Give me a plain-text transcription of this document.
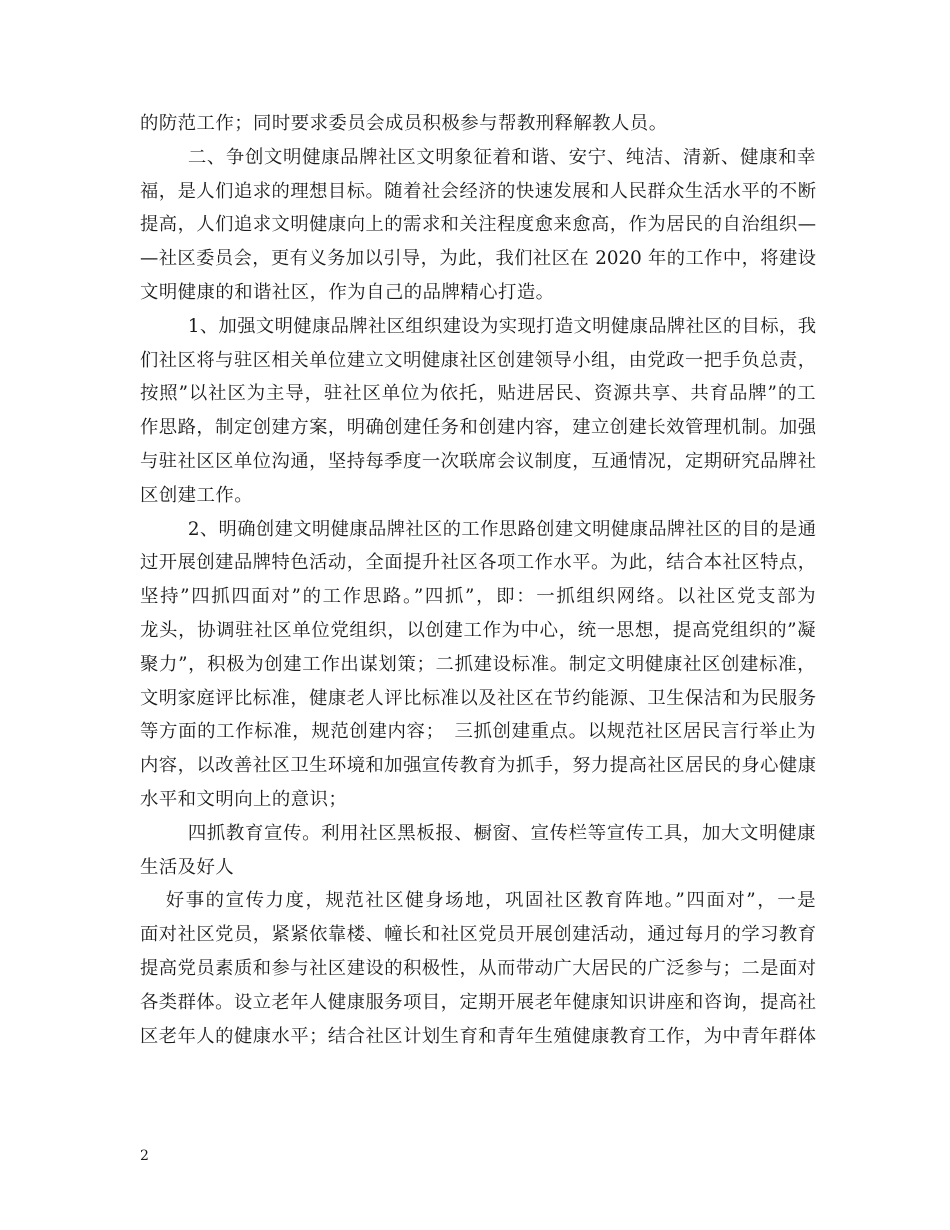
的防范工作；同时要求委员会成员积极参与帮教刑释解教人员。
二、争创文明健康品牌社区文明象征着和谐、安宁、纯洁、清新、健康和幸
福，是人们追求的理想目标。随着社会经济的快速发展和人民群众生活水平的不断
提高，人们追求文明健康向上的需求和关注程度愈来愈高，作为居民的自治组织—
—社区委员会，更有义务加以引导，为此，我们社区在 2020 年的工作中，将建设
文明健康的和谐社区，作为自己的品牌精心打造。
1、加强文明健康品牌社区组织建设为实现打造文明健康品牌社区的目标，我
们社区将与驻区相关单位建立文明健康社区创建领导小组，由党政一把手负总责，
按照”以社区为主导，驻社区单位为依托，贴进居民、资源共享、共育品牌”的工
作思路，制定创建方案，明确创建任务和创建内容，建立创建长效管理机制。加强
与驻社区区单位沟通，坚持每季度一次联席会议制度，互通情况，定期研究品牌社
区创建工作。
2、明确创建文明健康品牌社区的工作思路创建文明健康品牌社区的目的是通
过开展创建品牌特色活动，全面提升社区各项工作水平。为此，结合本社区特点，
坚持”四抓四面对”的工作思路。”四抓”，即：一抓组织网络。以社区党支部为
龙头，协调驻社区单位党组织，以创建工作为中心，统一思想，提高党组织的”凝
聚力”，积极为创建工作出谋划策；二抓建设标准。制定文明健康社区创建标准，
文明家庭评比标准，健康老人评比标准以及社区在节约能源、卫生保洁和为民服务
等方面的工作标准，规范创建内容；　三抓创建重点。以规范社区居民言行举止为
内容，以改善社区卫生环境和加强宣传教育为抓手，努力提高社区居民的身心健康
水平和文明向上的意识；
四抓教育宣传。利用社区黑板报、橱窗、宣传栏等宣传工具，加大文明健康
生活及好人
好事的宣传力度，规范社区健身场地，巩固社区教育阵地。”四面对”，一是
面对社区党员，紧紧依靠楼、幢长和社区党员开展创建活动，通过每月的学习教育
提高党员素质和参与社区建设的积极性，从而带动广大居民的广泛参与；二是面对
各类群体。设立老年人健康服务项目，定期开展老年健康知识讲座和咨询，提高社
区老年人的健康水平；结合社区计划生育和青年生殖健康教育工作，为中青年群体
2
